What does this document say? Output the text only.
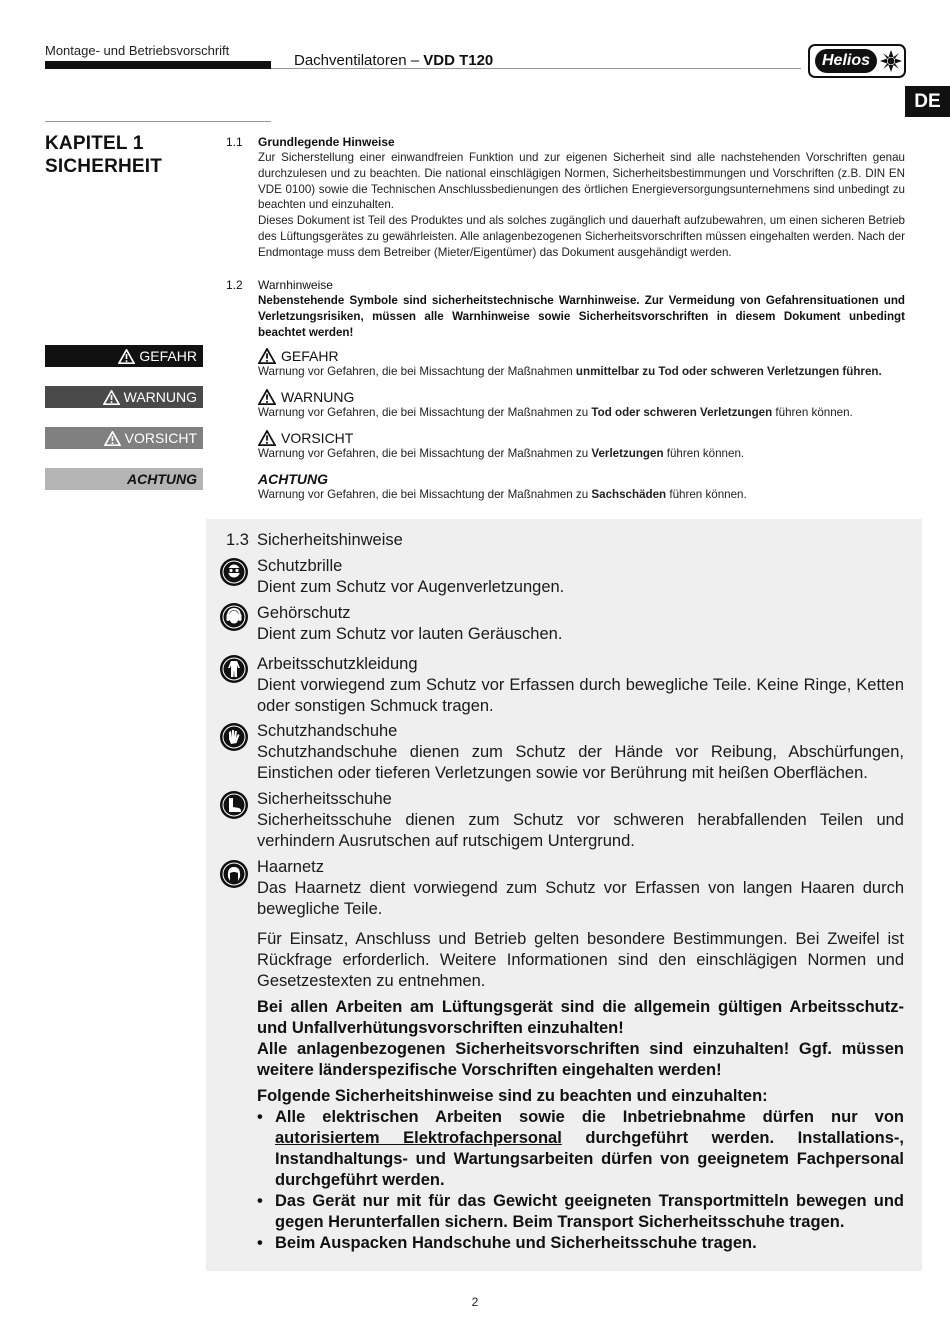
Montage- und Betriebsvorschrift
Dachventilatoren – VDD T120	Helios
DE
KAPITEL 1
SICHERHEIT
1.1 Grundlegende Hinweise
Zur Sicherstellung einer einwandfreien Funktion und zur eigenen Sicherheit sind alle nachstehenden Vorschriften genau durchzulesen und zu beachten. Die national einschlägigen Normen, Sicherheitsbestimmungen und Vorschriften (z.B. DIN EN VDE 0100) sowie die Technischen Anschlussbedienungen des örtlichen Energieversorgungsunternehmens sind unbedingt zu beachten und einzuhalten.
Dieses Dokument ist Teil des Produktes und als solches zugänglich und dauerhaft aufzubewahren, um einen sicheren Betrieb des Lüftungsgerätes zu gewährleisten. Alle anlagenbezogenen Sicherheitsvorschriften müssen eingehalten werden. Nach der Endmontage muss dem Betreiber (Mieter/Eigentümer) das Dokument ausgehändigt werden.
1.2 Warnhinweise
Nebenstehende Symbole sind sicherheitstechnische Warnhinweise. Zur Vermeidung von Gefahrensituationen und Verletzungsrisiken, müssen alle Warnhinweise sowie Sicherheitsvorschriften in diesem Dokument unbedingt beachtet werden!
GEFAHR
WARNUNG
VORSICHT
ACHTUNG
GEFAHR
Warnung vor Gefahren, die bei Missachtung der Maßnahmen unmittelbar zu Tod oder schweren Verletzungen führen.
WARNUNG
Warnung vor Gefahren, die bei Missachtung der Maßnahmen zu Tod oder schweren Verletzungen führen können.
VORSICHT
Warnung vor Gefahren, die bei Missachtung der Maßnahmen zu Verletzungen führen können.
ACHTUNG
Warnung vor Gefahren, die bei Missachtung der Maßnahmen zu Sachschäden führen können.
1.3 Sicherheitshinweise
Schutzbrille
Dient zum Schutz vor Augenverletzungen.
Gehörschutz
Dient zum Schutz vor lauten Geräuschen.
Arbeitsschutzkleidung
Dient vorwiegend zum Schutz vor Erfassen durch bewegliche Teile. Keine Ringe, Ketten oder sonstigen Schmuck tragen.
Schutzhandschuhe
Schutzhandschuhe dienen zum Schutz der Hände vor Reibung, Abschürfungen, Einstichen oder tieferen Verletzungen sowie vor Berührung mit heißen Oberflächen.
Sicherheitsschuhe
Sicherheitsschuhe dienen zum Schutz vor schweren herabfallenden Teilen und verhindern Ausrutschen auf rutschigem Untergrund.
Haarnetz
Das Haarnetz dient vorwiegend zum Schutz vor Erfassen von langen Haaren durch bewegliche Teile.
Für Einsatz, Anschluss und Betrieb gelten besondere Bestimmungen. Bei Zweifel ist Rückfrage erforderlich. Weitere Informationen sind den einschlägigen Normen und Gesetzestexten zu entnehmen.
Bei allen Arbeiten am Lüftungsgerät sind die allgemein gültigen Arbeitsschutz- und Unfallverhütungsvorschriften einzuhalten!
Alle anlagenbezogenen Sicherheitsvorschriften sind einzuhalten! Ggf. müssen weitere länderspezifische Vorschriften eingehalten werden!
Folgende Sicherheitshinweise sind zu beachten und einzuhalten:
• Alle elektrischen Arbeiten sowie die Inbetriebnahme dürfen nur von autorisiertem Elektrofachpersonal durchgeführt werden. Installations-, Instandhaltungs- und Wartungsarbeiten dürfen von geeignetem Fachpersonal durchgeführt werden.
• Das Gerät nur mit für das Gewicht geeigneten Transportmitteln bewegen und gegen Herunterfallen sichern. Beim Transport Sicherheitsschuhe tragen.
• Beim Auspacken Handschuhe und Sicherheitsschuhe tragen.
2
